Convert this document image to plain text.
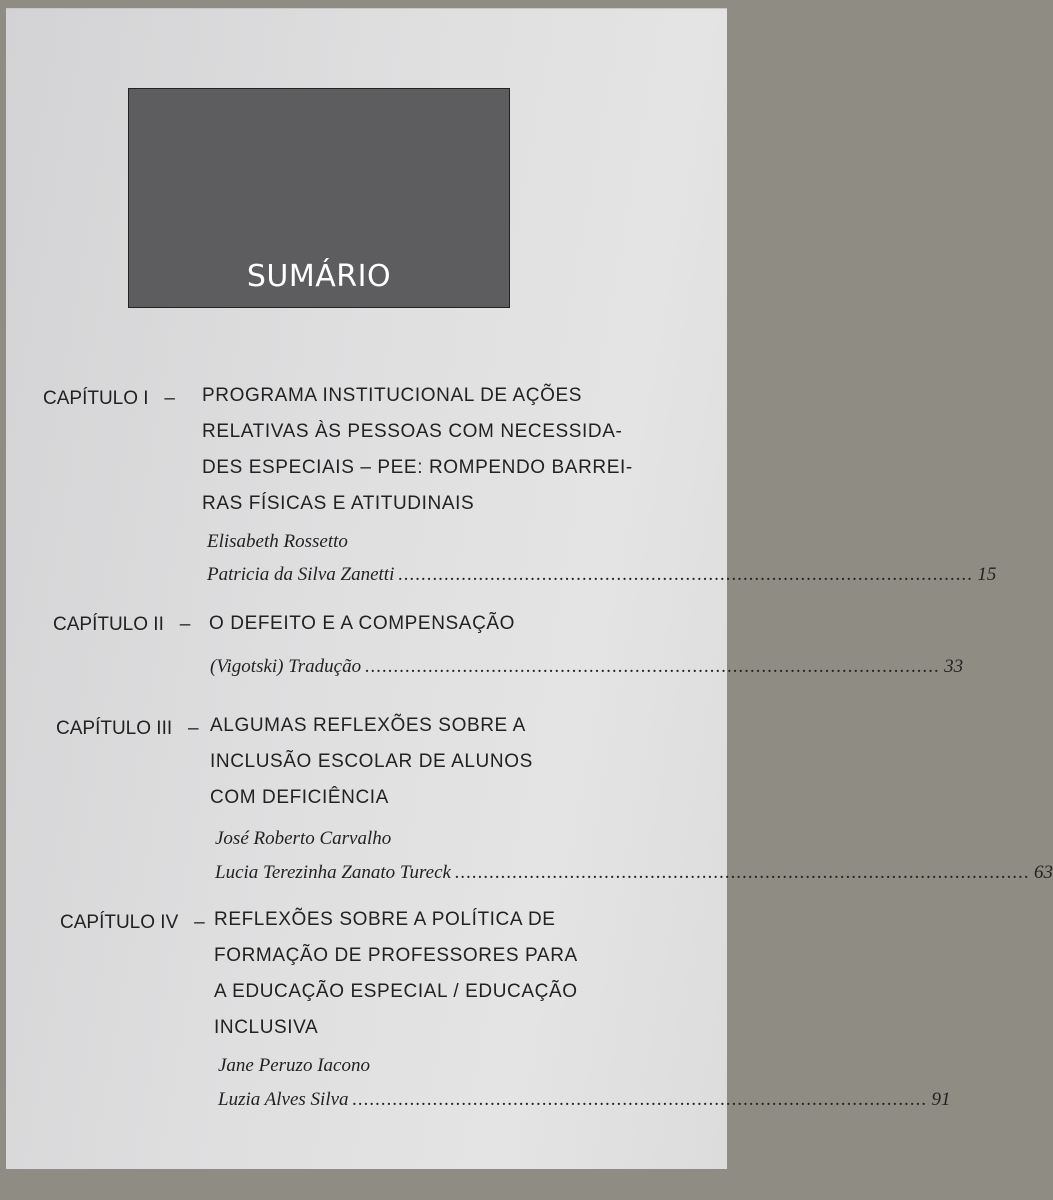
SUMÁRIO
CAPÍTULO I – PROGRAMA INSTITUCIONAL DE AÇÕES
RELATIVAS ÀS PESSOAS COM NECESSIDA-
DES ESPECIAIS – PEE: ROMPENDO BARREI-
RAS FÍSICAS E ATITUDINAIS
Elisabeth Rossetto
Patricia da Silva Zanetti .................................................................................................... 15
CAPÍTULO II – O DEFEITO E A COMPENSAÇÃO
(Vigotski) Tradução .................................................................................................... 33
CAPÍTULO III – ALGUMAS REFLEXÕES SOBRE A
INCLUSÃO ESCOLAR DE ALUNOS
COM DEFICIÊNCIA
José Roberto Carvalho
Lucia Terezinha Zanato Tureck .................................................................................................... 63
CAPÍTULO IV – REFLEXÕES SOBRE A POLÍTICA DE
FORMAÇÃO DE PROFESSORES PARA
A EDUCAÇÃO ESPECIAL / EDUCAÇÃO
INCLUSIVA
Jane Peruzo Iacono
Luzia Alves Silva .................................................................................................... 91
